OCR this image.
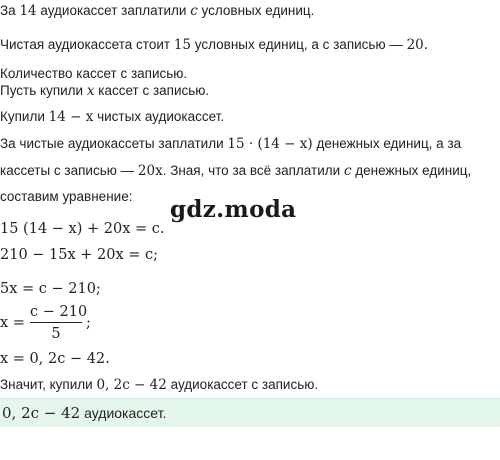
За 14 аудиокассет заплатили c условных единиц.
Чистая аудиокассета стоит 15 условных единиц, а с записью — 20.
Количество кассет с записью.
Пусть купили x кассет с записью.
Купили 14 − x чистых аудиокассет.
За чистые аудиокассеты заплатили 15 · (14 − x) денежных единиц, а за
кассеты с записью — 20x. Зная, что за всё заплатили c денежных единиц,
составим уравнение: gdz.moda
15 (14 − x) + 20x = c.
210 − 15x + 20x = c;
5x = c − 210;
x =
c − 210
5
;
x = 0, 2c − 42.
Значит, купили 0, 2c − 42 аудиокассет с записью.
0, 2c − 42 аудиокассет.
